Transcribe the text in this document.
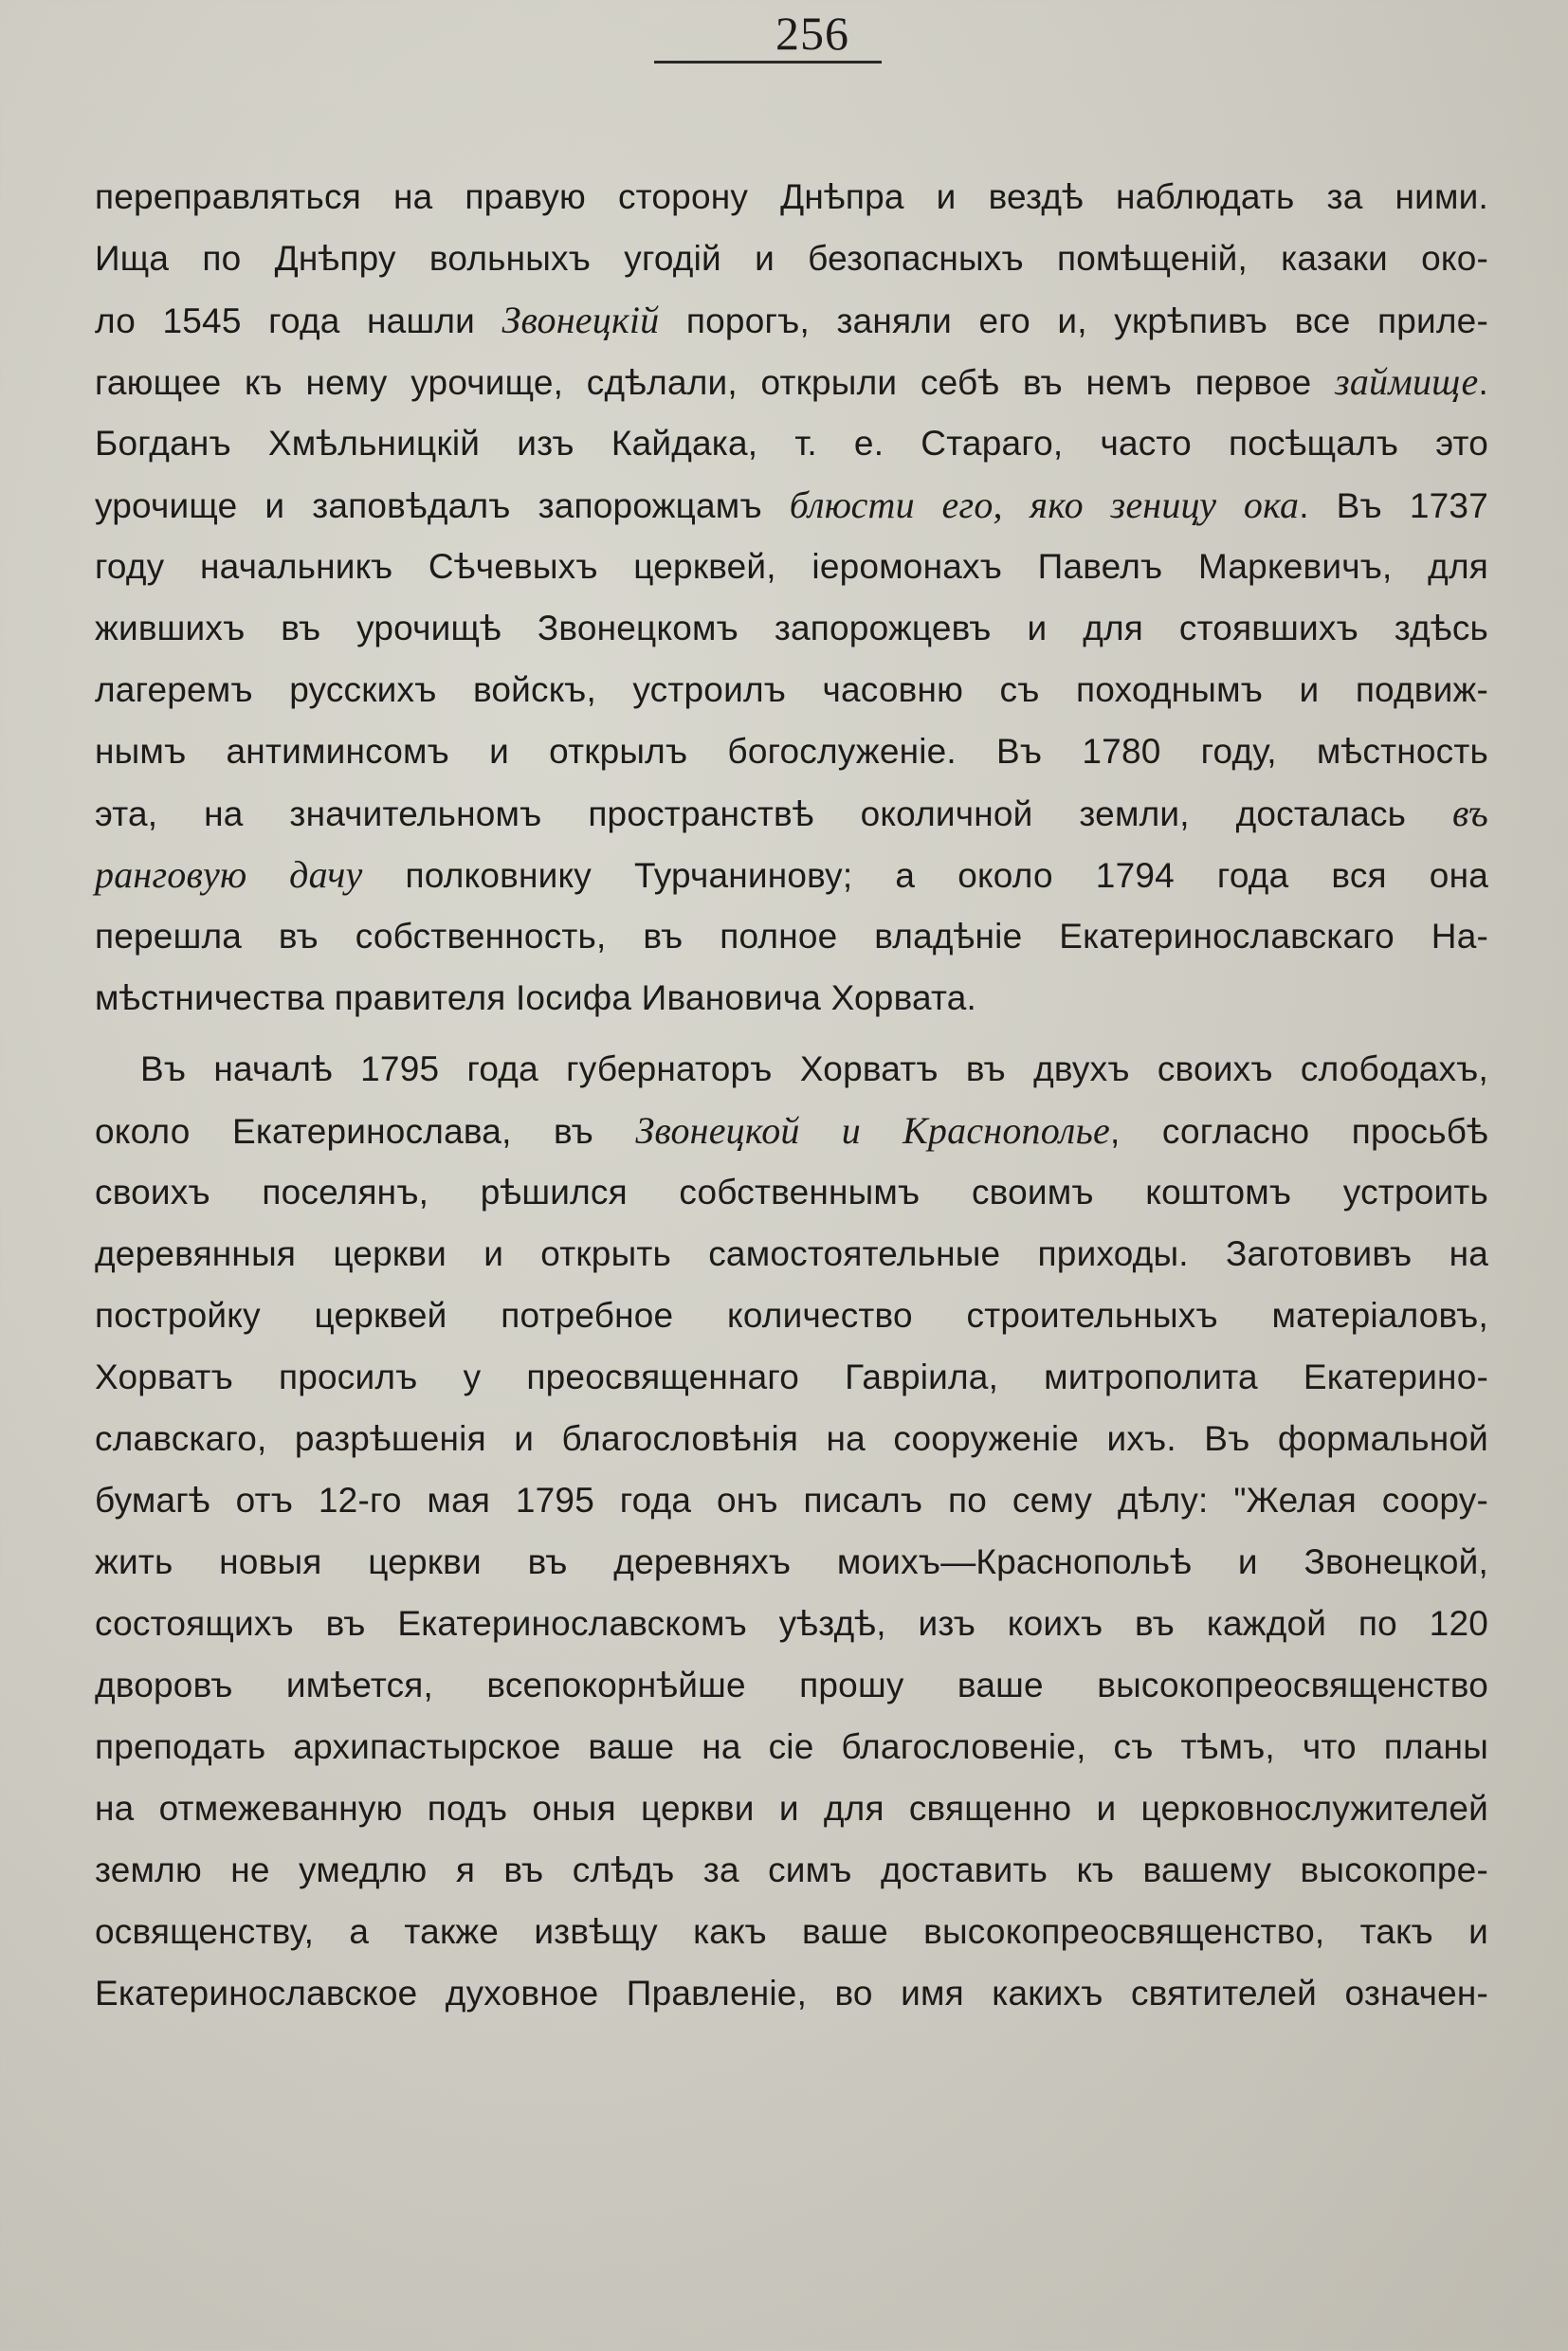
256
переправляться на правую сторону Днѣпра и вездѣ наблюдать за ними.
Ища по Днѣпру вольныхъ угодій и безопасныхъ помѣщеній, казаки око-
ло 1545 года нашли Звонецкій порогъ, заняли его и, укрѣпивъ все приле-
гающее къ нему урочище, сдѣлали, открыли себѣ въ немъ первое займище.
Богданъ Хмѣльницкій изъ Кайдака, т. е. Стараго, часто посѣщалъ это
урочище и заповѣдалъ запорожцамъ блюсти его, яко зеницу ока. Въ 1737
году начальникъ Сѣчевыхъ церквей, іеромонахъ Павелъ Маркевичъ, для
жившихъ въ урочищѣ Звонецкомъ запорожцевъ и для стоявшихъ здѣсь
лагеремъ русскихъ войскъ, устроилъ часовню съ походнымъ и подвиж-
нымъ антиминсомъ и открылъ богослуженіе. Въ 1780 году, мѣстность
эта, на значительномъ пространствѣ околичной земли, досталась въ
ранговую дачу полковнику Турчанинову; а около 1794 года вся она
перешла въ собственность, въ полное владѣніе Екатеринославскаго На-
мѣстничества правителя Іосифа Ивановича Хорвата.
Въ началѣ 1795 года губернаторъ Хорватъ въ двухъ своихъ слободахъ,
около Екатеринослава, въ Звонецкой и Краснополье, согласно просьбѣ
своихъ поселянъ, рѣшился собственнымъ своимъ коштомъ устроить
деревянныя церкви и открыть самостоятельные приходы. Заготовивъ на
постройку церквей потребное количество строительныхъ матеріаловъ,
Хорватъ просилъ у преосвященнаго Гавріила, митрополита Екатерино-
славскаго, разрѣшенія и благословѣнія на сооруженіе ихъ. Въ формальной
бумагѣ отъ 12-го мая 1795 года онъ писалъ по сему дѣлу: "Желая соору-
жить новыя церкви въ деревняхъ моихъ—Краснопольѣ и Звонецкой,
состоящихъ въ Екатеринославскомъ уѣздѣ, изъ коихъ въ каждой по 120
дворовъ имѣется, всепокорнѣйше прошу ваше высокопреосвященство
преподать архипастырское ваше на сіе благословеніе, съ тѣмъ, что планы
на отмежеванную подъ оныя церкви и для священно и церковнослужителей
землю не умедлю я въ слѣдъ за симъ доставить къ вашему высокопре-
освященству, а также извѣщу какъ ваше высокопреосвященство, такъ и
Екатеринославское духовное Правленіе, во имя какихъ святителей означен-
